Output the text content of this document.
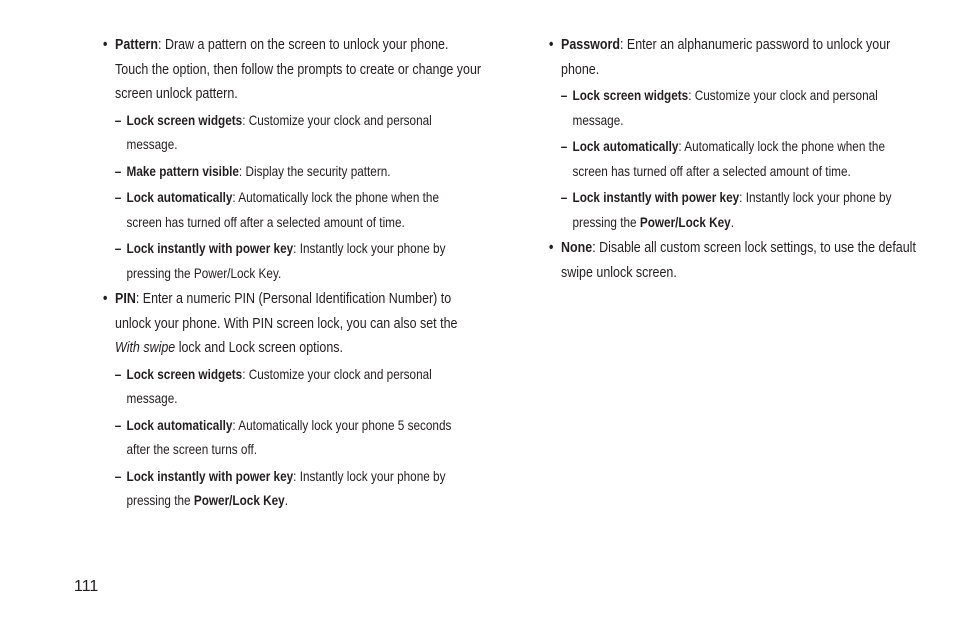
• Pattern: Draw a pattern on the screen to unlock your phone. Touch the option, then follow the prompts to create or change your screen unlock pattern.
– Lock screen widgets: Customize your clock and personal message.
– Make pattern visible: Display the security pattern.
– Lock automatically: Automatically lock the phone when the screen has turned off after a selected amount of time.
– Lock instantly with power key: Instantly lock your phone by pressing the Power/Lock Key.
• PIN: Enter a numeric PIN (Personal Identification Number) to unlock your phone. With PIN screen lock, you can also set the With swipe lock and Lock screen options.
– Lock screen widgets: Customize your clock and personal message.
– Lock automatically: Automatically lock your phone 5 seconds after the screen turns off.
– Lock instantly with power key: Instantly lock your phone by pressing the Power/Lock Key.
• Password: Enter an alphanumeric password to unlock your phone.
– Lock screen widgets: Customize your clock and personal message.
– Lock automatically: Automatically lock the phone when the screen has turned off after a selected amount of time.
– Lock instantly with power key: Instantly lock your phone by pressing the Power/Lock Key.
• None: Disable all custom screen lock settings, to use the default swipe unlock screen.
111
